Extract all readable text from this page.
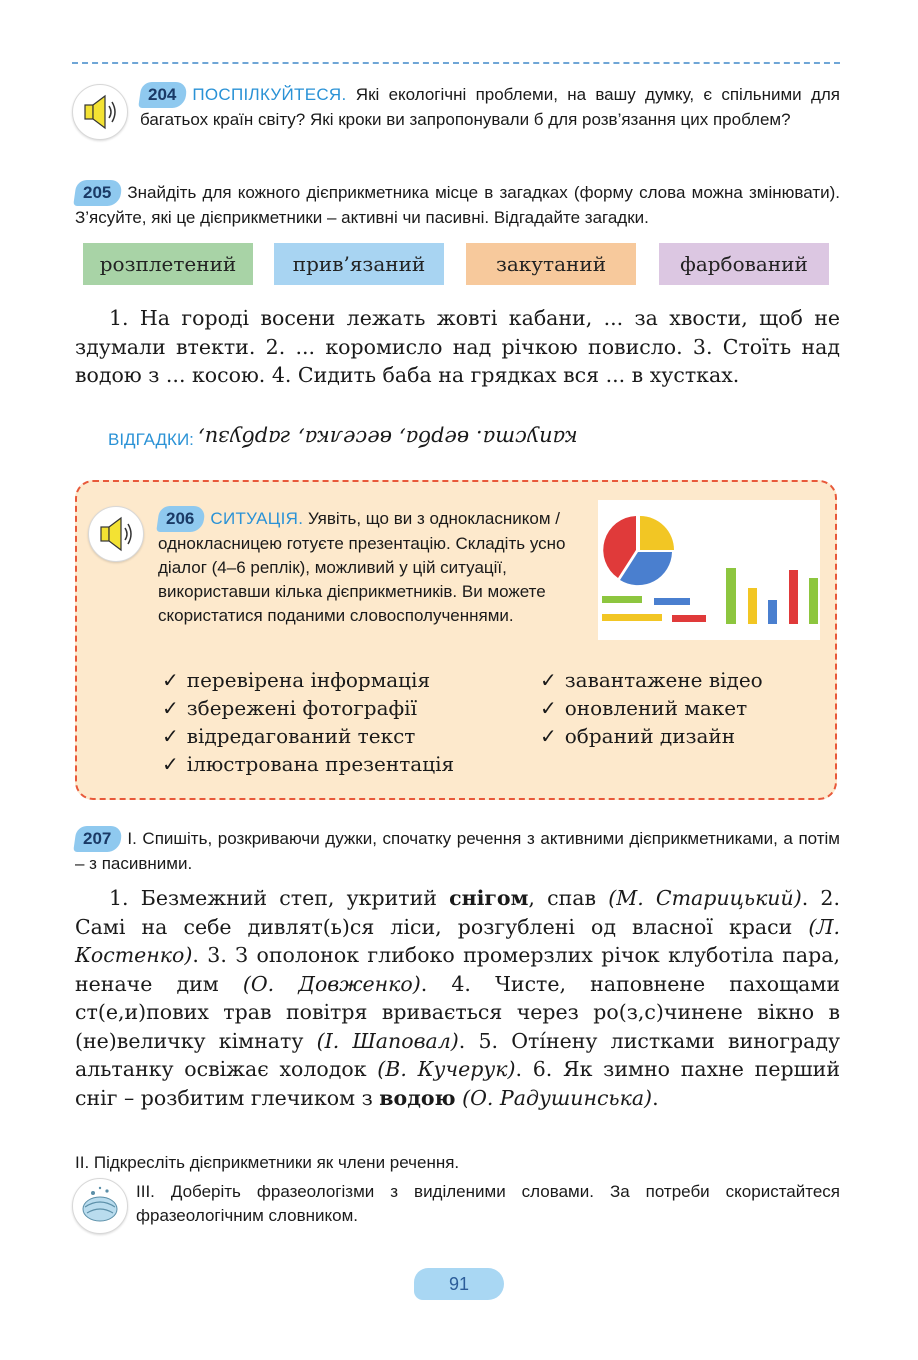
204 ПОСПІЛКУЙТЕСЯ. Які екологічні проблеми, на вашу думку, є спільними для багатьох країн світу? Які кроки ви запропонували б для розв’язання цих проблем?
205 Знайдіть для кожного дієприкметника місце в загадках (форму слова можна змінювати). З’ясуйте, які це дієприкметники – активні чи пасивні. Відгадайте загадки.
розплетений	прив’язаний	закутаний	фарбований
1. На городі восени лежать жовті кабани, ... за хвости, щоб не здумали втекти. 2. ... коромисло над річкою повисло. 3. Стоїть над водою з ... косою. 4. Сидить баба на грядках вся ... в хустках.
ВІДГАДКИ: гарбузи, веселка, верба, капуста.
206 СИТУАЦІЯ. Уявіть, що ви з однокласником / однокласницею готуєте презентацію. Складіть усно діалог (4–6 реплік), можливий у цій ситуації, використавши кілька дієприкметників. Ви можете скористатися поданими словосполученнями.
✓ перевірена інформація
✓ збережені фотографії
✓ відредагований текст
✓ ілюстрована презентація
✓ завантажене відео
✓ оновлений макет
✓ обраний дизайн
207 І. Спишіть, розкриваючи дужки, спочатку речення з активними дієприкметниками, а потім – з пасивними.
1. Безмежний степ, укритий снігом, спав (М. Старицький). 2. Самі на себе дивлят(ь)ся ліси, розгублені од власної краси (Л. Костенко). 3. З ополонок глибоко промерзлих річок клуботіла пара, неначе дим (О. Довженко). 4. Чисте, наповнене пахощами ст(е,и)пових трав повітря вривається через ро(з,с)чинене вікно в (не)величку кімнату (І. Шаповал). 5. Оті́нену листками винограду альтанку освіжає холодок (В. Кучерук). 6. Як зимно пахне перший сніг – розбитим глечиком з водою (О. Радушинська).
ІІ. Підкресліть дієприкметники як члени речення.
ІІІ. Доберіть фразеологізми з виділеними словами. За потреби скористайтеся фразеологічним словником.
91
